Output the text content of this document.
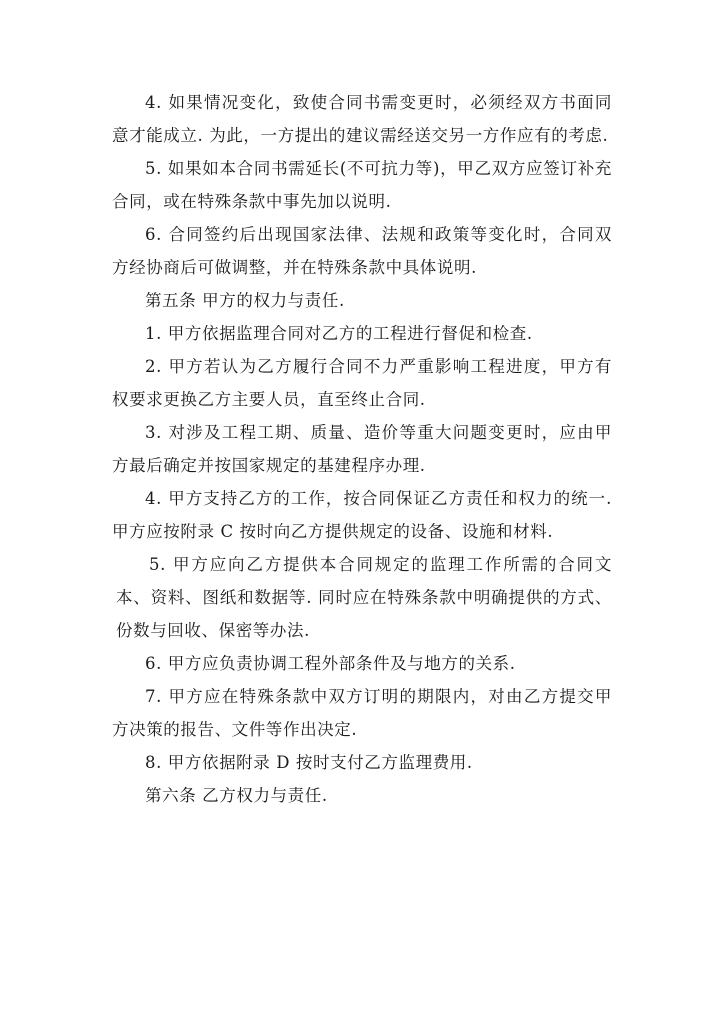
4. 如果情况变化，致使合同书需变更时，必须经双方书面同意才能成立. 为此，一方提出的建议需经送交另一方作应有的考虑.

5. 如果如本合同书需延长(不可抗力等)，甲乙双方应签订补充合同，或在特殊条款中事先加以说明.

6. 合同签约后出现国家法律、法规和政策等变化时，合同双方经协商后可做调整，并在特殊条款中具体说明.

第五条 甲方的权力与责任.

1. 甲方依据监理合同对乙方的工程进行督促和检查.

2. 甲方若认为乙方履行合同不力严重影响工程进度，甲方有权要求更换乙方主要人员，直至终止合同.

3. 对涉及工程工期、质量、造价等重大问题变更时，应由甲方最后确定并按国家规定的基建程序办理.

4. 甲方支持乙方的工作，按合同保证乙方责任和权力的统一. 甲方应按附录 C 按时向乙方提供规定的设备、设施和材料.

5. 甲方应向乙方提供本合同规定的监理工作所需的合同文本、资料、图纸和数据等. 同时应在特殊条款中明确提供的方式、份数与回收、保密等办法.

6. 甲方应负责协调工程外部条件及与地方的关系.

7. 甲方应在特殊条款中双方订明的期限内，对由乙方提交甲方决策的报告、文件等作出决定.

8. 甲方依据附录 D 按时支付乙方监理费用.

第六条 乙方权力与责任.
